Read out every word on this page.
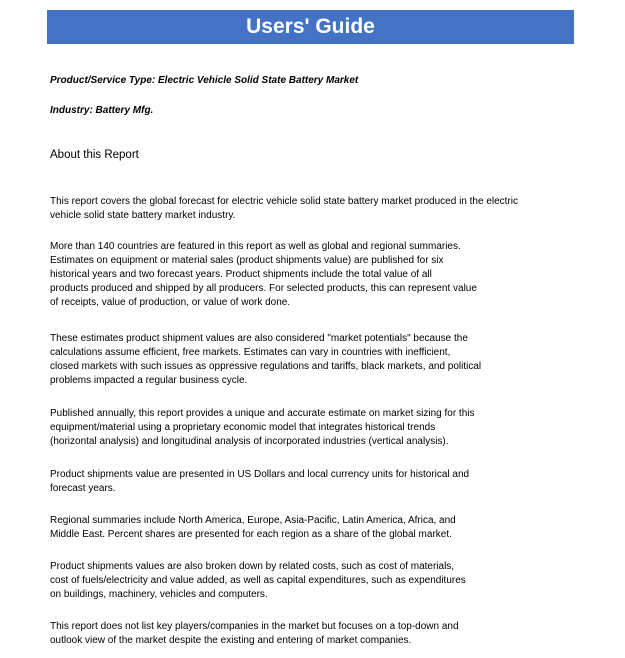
Users' Guide
Product/Service Type: Electric Vehicle Solid State Battery Market
Industry: Battery Mfg.
About this Report

This report covers the global forecast for electric vehicle solid state battery market produced in the electric
vehicle solid state battery market industry.

More than 140 countries are featured in this report as well as global and regional summaries.
Estimates on equipment or material sales (product shipments value) are published for six
historical years and two forecast years. Product shipments include the total value of all
products produced and shipped by all producers. For selected products, this can represent value
of receipts, value of production, or value of work done.

These estimates product shipment values are also considered "market potentials" because the
calculations assume efficient, free markets. Estimates can vary in countries with inefficient,
closed markets with such issues as oppressive regulations and tariffs, black markets, and political
problems impacted a regular business cycle.

Published annually, this report provides a unique and accurate estimate on market sizing for this
equipment/material using a proprietary economic model that integrates historical trends
(horizontal analysis) and longitudinal analysis of incorporated industries (vertical analysis).

Product shipments value are presented in US Dollars and local currency units for historical and
forecast years.

Regional summaries include North America, Europe, Asia-Pacific, Latin America, Africa, and
Middle East. Percent shares are presented for each region as a share of the global market.

Product shipments values are also broken down by related costs, such as cost of materials,
cost of fuels/electricity and value added, as well as capital expenditures, such as expenditures
on buildings, machinery, vehicles and computers.

This report does not list key players/companies in the market but focuses on a top-down and
outlook view of the market despite the existing and entering of market companies.
